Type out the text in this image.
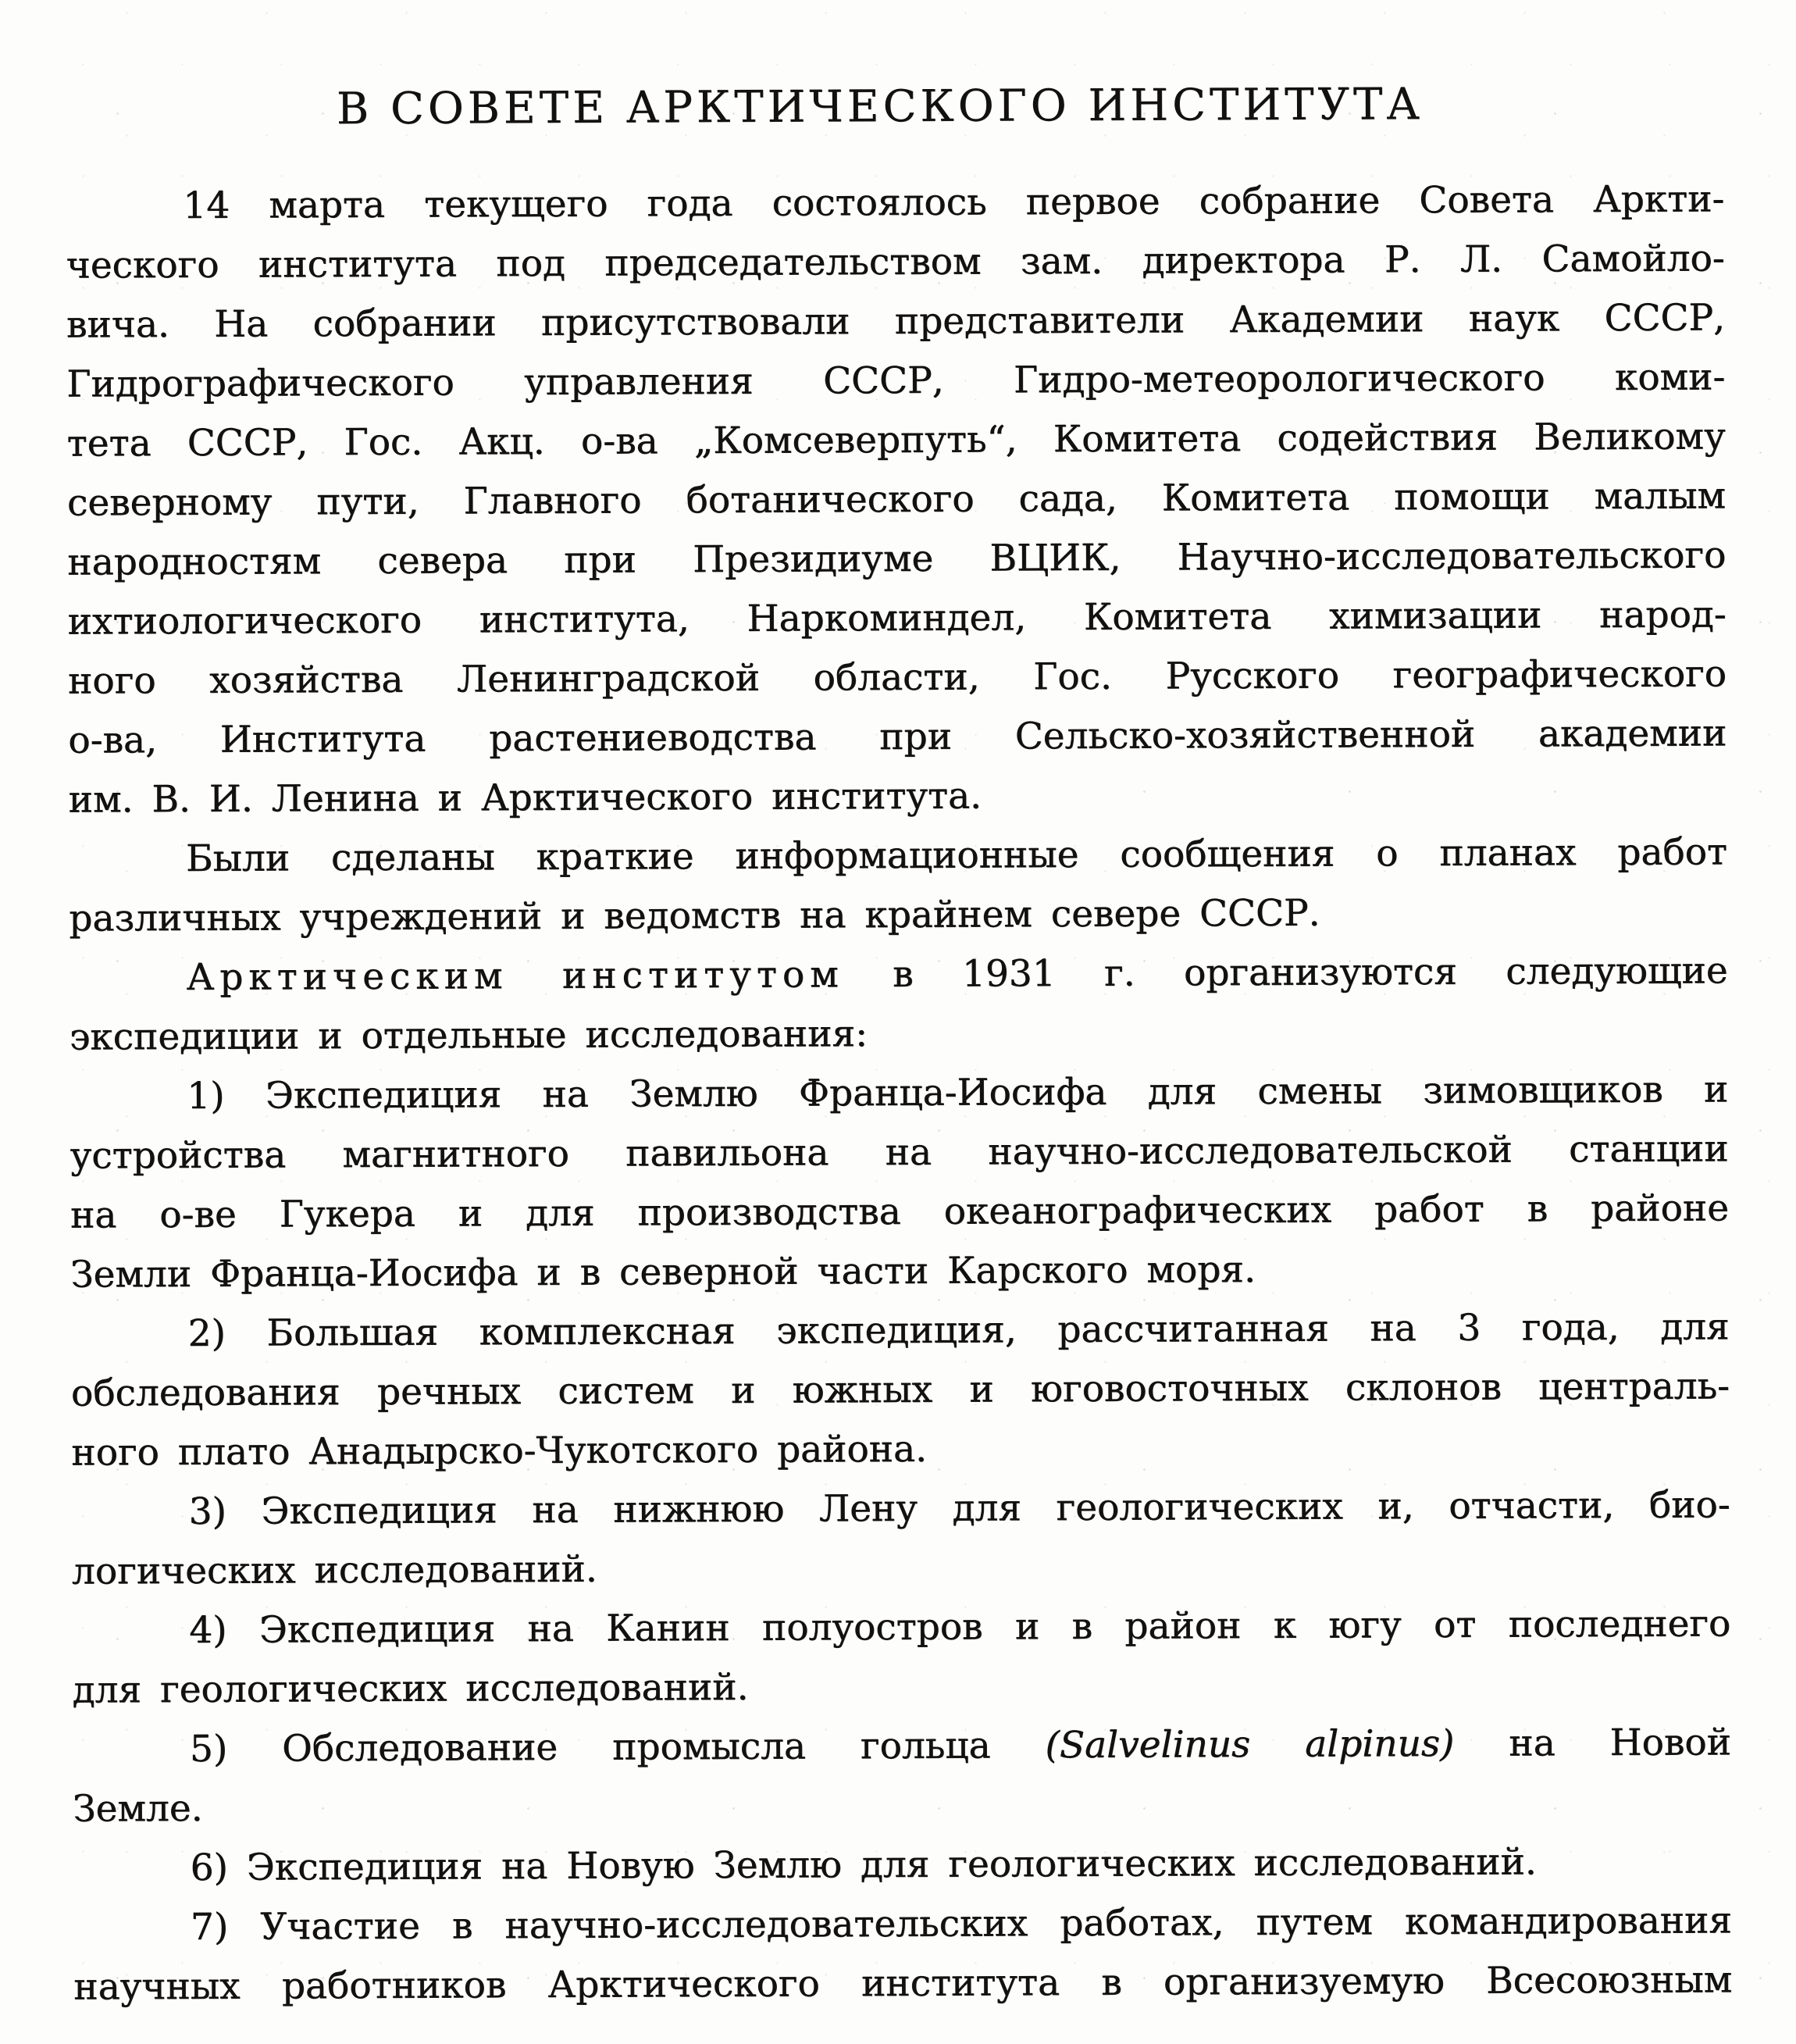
В СОВЕТЕ АРКТИЧЕСКОГО ИНСТИТУТА
14 марта текущего года состоялось первое собрание Совета Аркти-
ческого института под председательством зам. директора Р. Л. Самойло-
вича. На собрании присутствовали представители Академии наук СССР,
Гидрографического управления СССР, Гидро-метеорологического коми-
тета СССР, Гос. Акц. о-ва „Комсеверпуть“, Комитета содействия Великому
северному пути, Главного ботанического сада, Комитета помощи малым
народностям севера при Президиуме ВЦИК, Научно-исследовательского
ихтиологического института, Наркоминдел, Комитета химизации народ-
ного хозяйства Ленинградской области, Гос. Русского географического
о-ва, Института растениеводства при Сельско-хозяйственной академии
им. В. И. Ленина и Арктического института.
Были сделаны краткие информационные сообщения о планах работ
различных учреждений и ведомств на крайнем севере СССР.
Арктическим институтом в 1931 г. организуются следующие
экспедиции и отдельные исследования:
1) Экспедиция на Землю Франца-Иосифа для смены зимовщиков и
устройства магнитного павильона на научно-исследовательской станции
на о-ве Гукера и для производства океанографических работ в районе
Земли Франца-Иосифа и в северной части Карского моря.
2) Большая комплексная экспедиция, рассчитанная на 3 года, для
обследования речных систем и южных и юговосточных склонов централь-
ного плато Анадырско-Чукотского района.
3) Экспедиция на нижнюю Лену для геологических и, отчасти, био-
логических исследований.
4) Экспедиция на Канин полуостров и в район к югу от последнего
для геологических исследований.
5) Обследование промысла гольца (Salvelinus alpinus) на Новой
Земле.
6) Экспедиция на Новую Землю для геологических исследований.
7) Участие в научно-исследовательских работах, путем командирования
научных работников Арктического института в организуемую Всесоюзным
